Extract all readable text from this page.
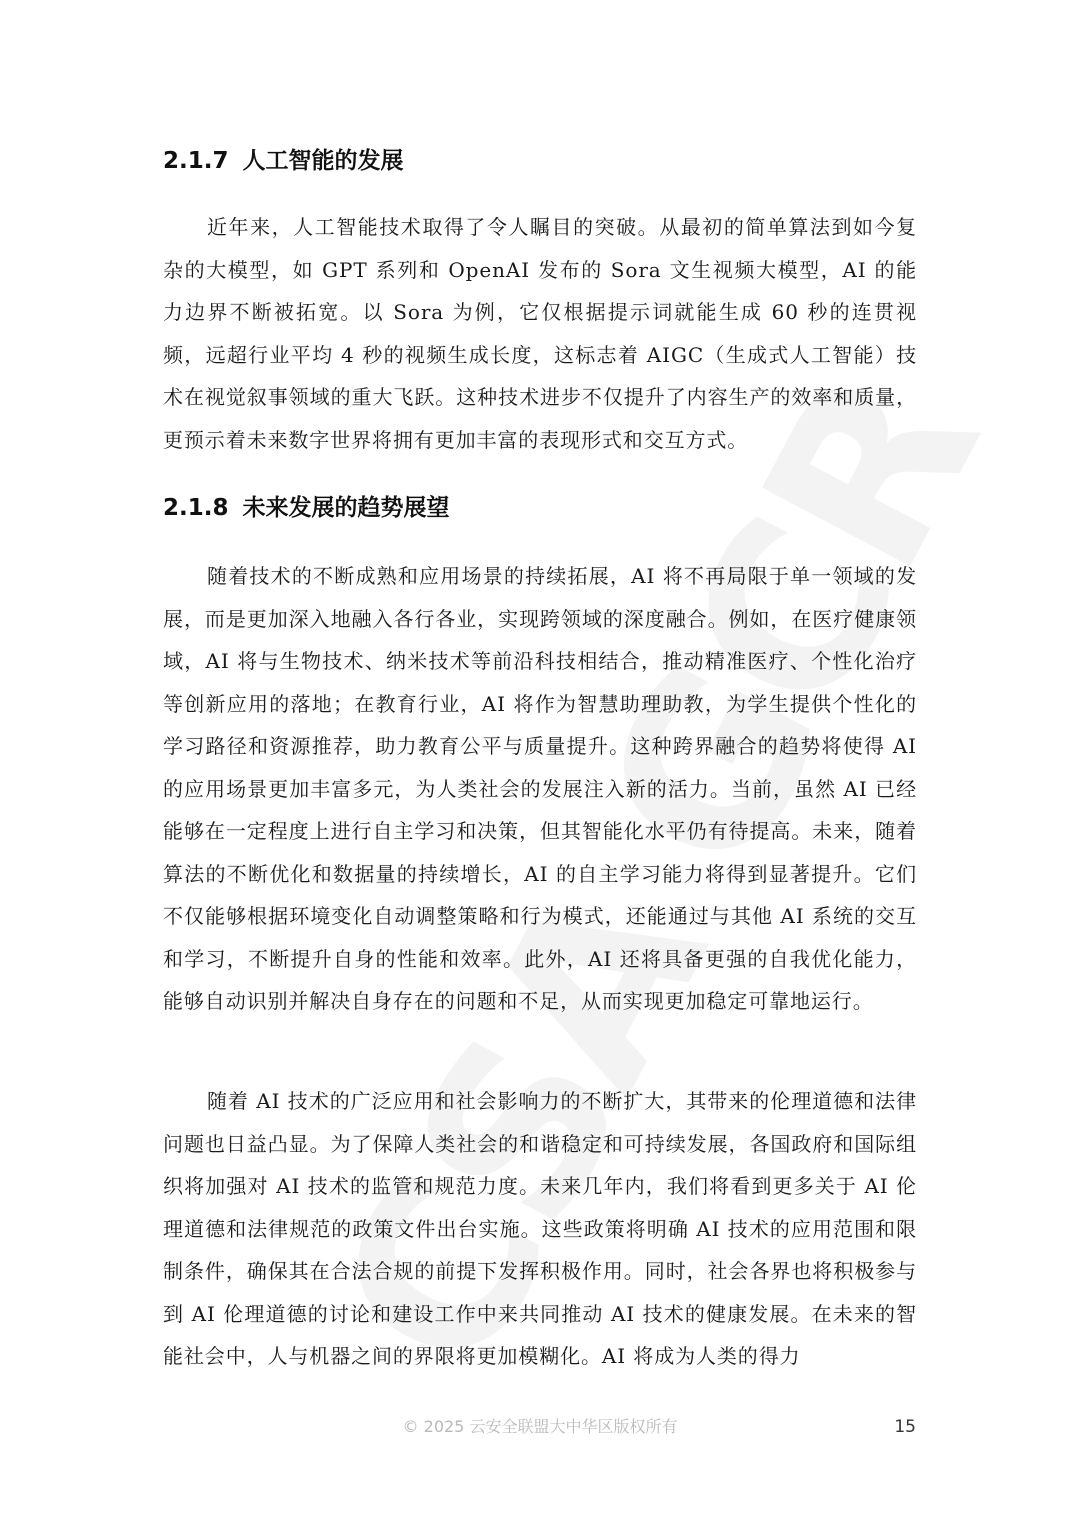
2.1.7 人工智能的发展

近年来，人工智能技术取得了令人瞩目的突破。从最初的简单算法到如今复杂的大模型，如 GPT 系列和 OpenAI 发布的 Sora 文生视频大模型，AI 的能力边界不断被拓宽。以 Sora 为例，它仅根据提示词就能生成 60 秒的连贯视频，远超行业平均 4 秒的视频生成长度，这标志着 AIGC（生成式人工智能）技术在视觉叙事领域的重大飞跃。这种技术进步不仅提升了内容生产的效率和质量，更预示着未来数字世界将拥有更加丰富的表现形式和交互方式。

2.1.8 未来发展的趋势展望

随着技术的不断成熟和应用场景的持续拓展，AI 将不再局限于单一领域的发展，而是更加深入地融入各行各业，实现跨领域的深度融合。例如，在医疗健康领域，AI 将与生物技术、纳米技术等前沿科技相结合，推动精准医疗、个性化治疗等创新应用的落地；在教育行业，AI 将作为智慧助理助教，为学生提供个性化的学习路径和资源推荐，助力教育公平与质量提升。这种跨界融合的趋势将使得 AI 的应用场景更加丰富多元，为人类社会的发展注入新的活力。当前，虽然 AI 已经能够在一定程度上进行自主学习和决策，但其智能化水平仍有待提高。未来，随着算法的不断优化和数据量的持续增长，AI 的自主学习能力将得到显著提升。它们不仅能够根据环境变化自动调整策略和行为模式，还能通过与其他 AI 系统的交互和学习，不断提升自身的性能和效率。此外，AI 还将具备更强的自我优化能力，能够自动识别并解决自身存在的问题和不足，从而实现更加稳定可靠地运行。

随着 AI 技术的广泛应用和社会影响力的不断扩大，其带来的伦理道德和法律问题也日益凸显。为了保障人类社会的和谐稳定和可持续发展，各国政府和国际组织将加强对 AI 技术的监管和规范力度。未来几年内，我们将看到更多关于 AI 伦理道德和法律规范的政策文件出台实施。这些政策将明确 AI 技术的应用范围和限制条件，确保其在合法合规的前提下发挥积极作用。同时，社会各界也将积极参与到 AI 伦理道德的讨论和建设工作中来共同推动 AI 技术的健康发展。在未来的智能社会中，人与机器之间的界限将更加模糊化。AI 将成为人类的得力

© 2025 云安全联盟大中华区版权所有	15
